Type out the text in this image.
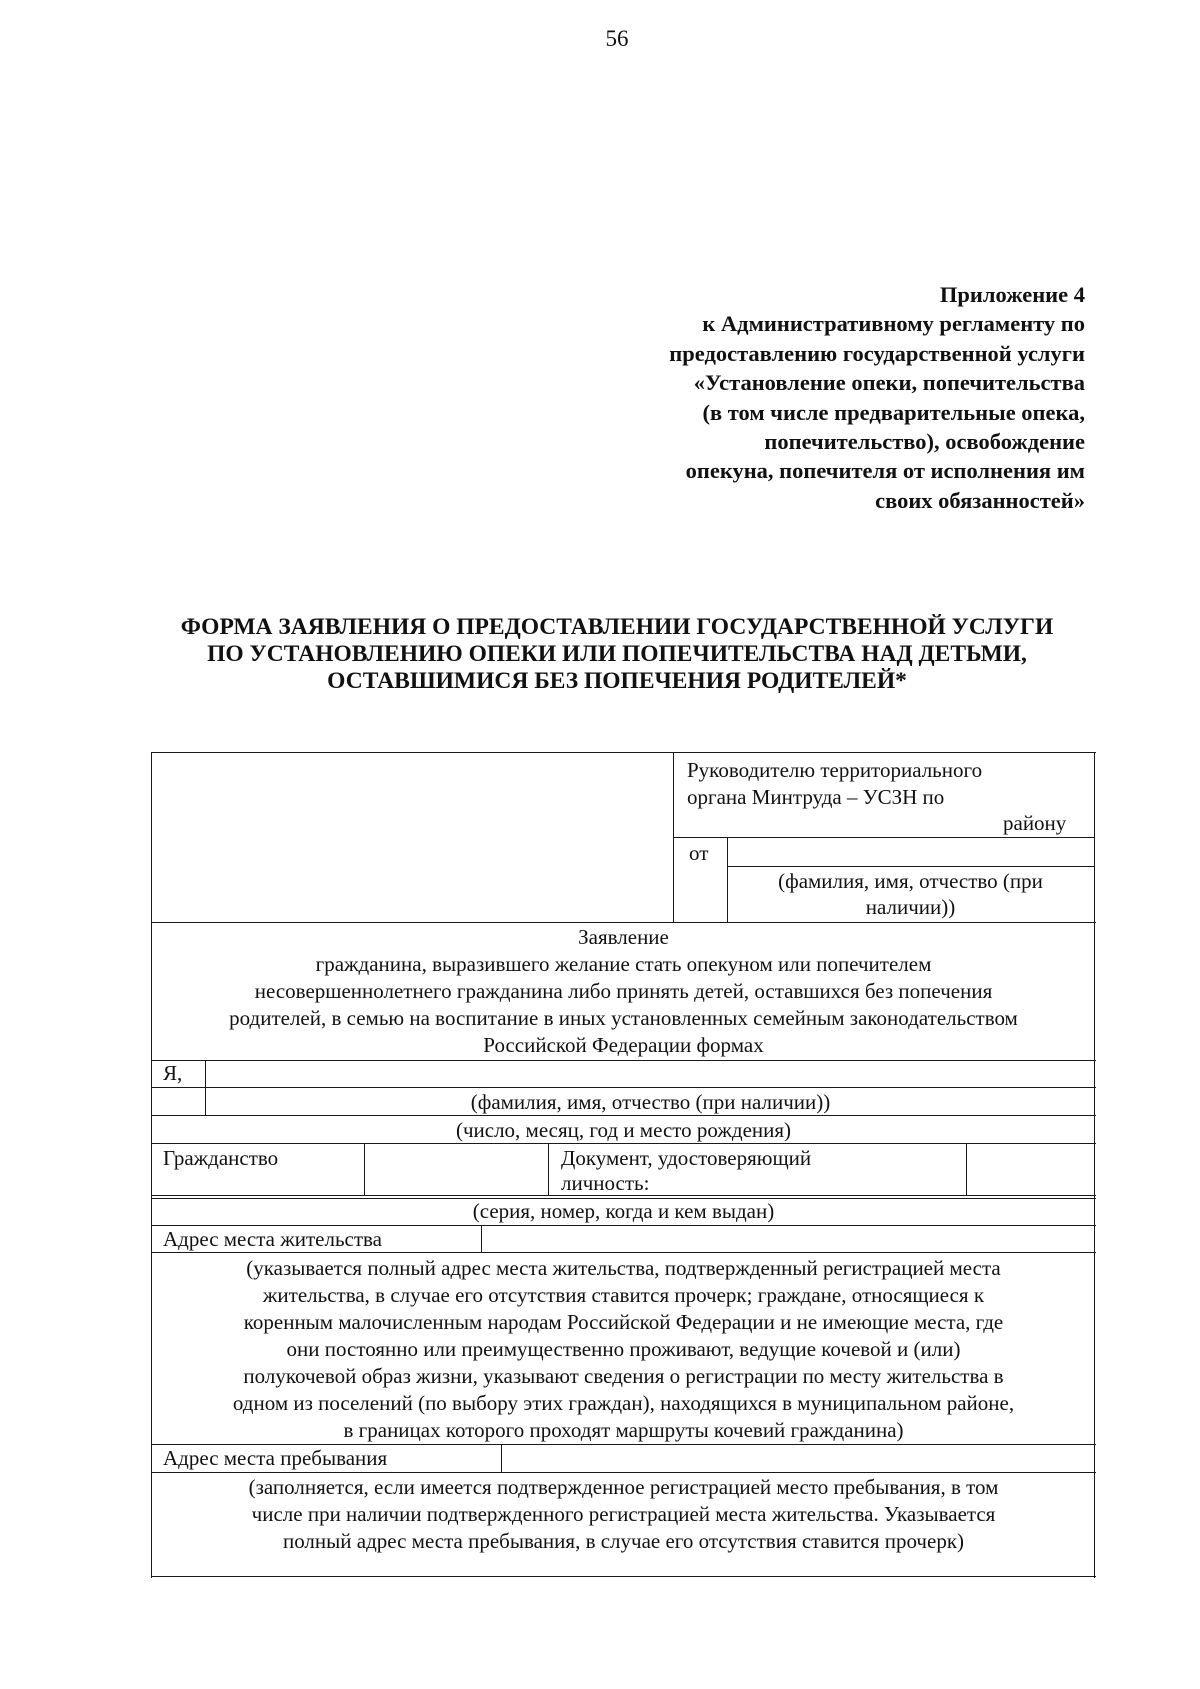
56
Приложение 4
к Административному регламенту по
предоставлению государственной услуги
«Установление опеки, попечительства
(в том числе предварительные опека,
попечительство), освобождение
опекуна, попечителя от исполнения им
своих обязанностей»
ФОРМА ЗАЯВЛЕНИЯ О ПРЕДОСТАВЛЕНИИ ГОСУДАРСТВЕННОЙ УСЛУГИ
ПО УСТАНОВЛЕНИЮ ОПЕКИ ИЛИ ПОПЕЧИТЕЛЬСТВА НАД ДЕТЬМИ,
ОСТАВШИМИСЯ БЕЗ ПОПЕЧЕНИЯ РОДИТЕЛЕЙ*
Руководителю территориального
органа Минтруда – УСЗН по
району
от
(фамилия, имя, отчество (при
наличии))
Заявление
гражданина, выразившего желание стать опекуном или попечителем
несовершеннолетнего гражданина либо принять детей, оставшихся без попечения
родителей, в семью на воспитание в иных установленных семейным законодательством
Российской Федерации формах
Я,
(фамилия, имя, отчество (при наличии))
(число, месяц, год и место рождения)
Гражданство	Документ, удостоверяющий
личность:
(серия, номер, когда и кем выдан)
Адрес места жительства
(указывается полный адрес места жительства, подтвержденный регистрацией места
жительства, в случае его отсутствия ставится прочерк; граждане, относящиеся к
коренным малочисленным народам Российской Федерации и не имеющие места, где
они постоянно или преимущественно проживают, ведущие кочевой и (или)
полукочевой образ жизни, указывают сведения о регистрации по месту жительства в
одном из поселений (по выбору этих граждан), находящихся в муниципальном районе,
в границах которого проходят маршруты кочевий гражданина)
Адрес места пребывания
(заполняется, если имеется подтвержденное регистрацией место пребывания, в том
числе при наличии подтвержденного регистрацией места жительства. Указывается
полный адрес места пребывания, в случае его отсутствия ставится прочерк)
